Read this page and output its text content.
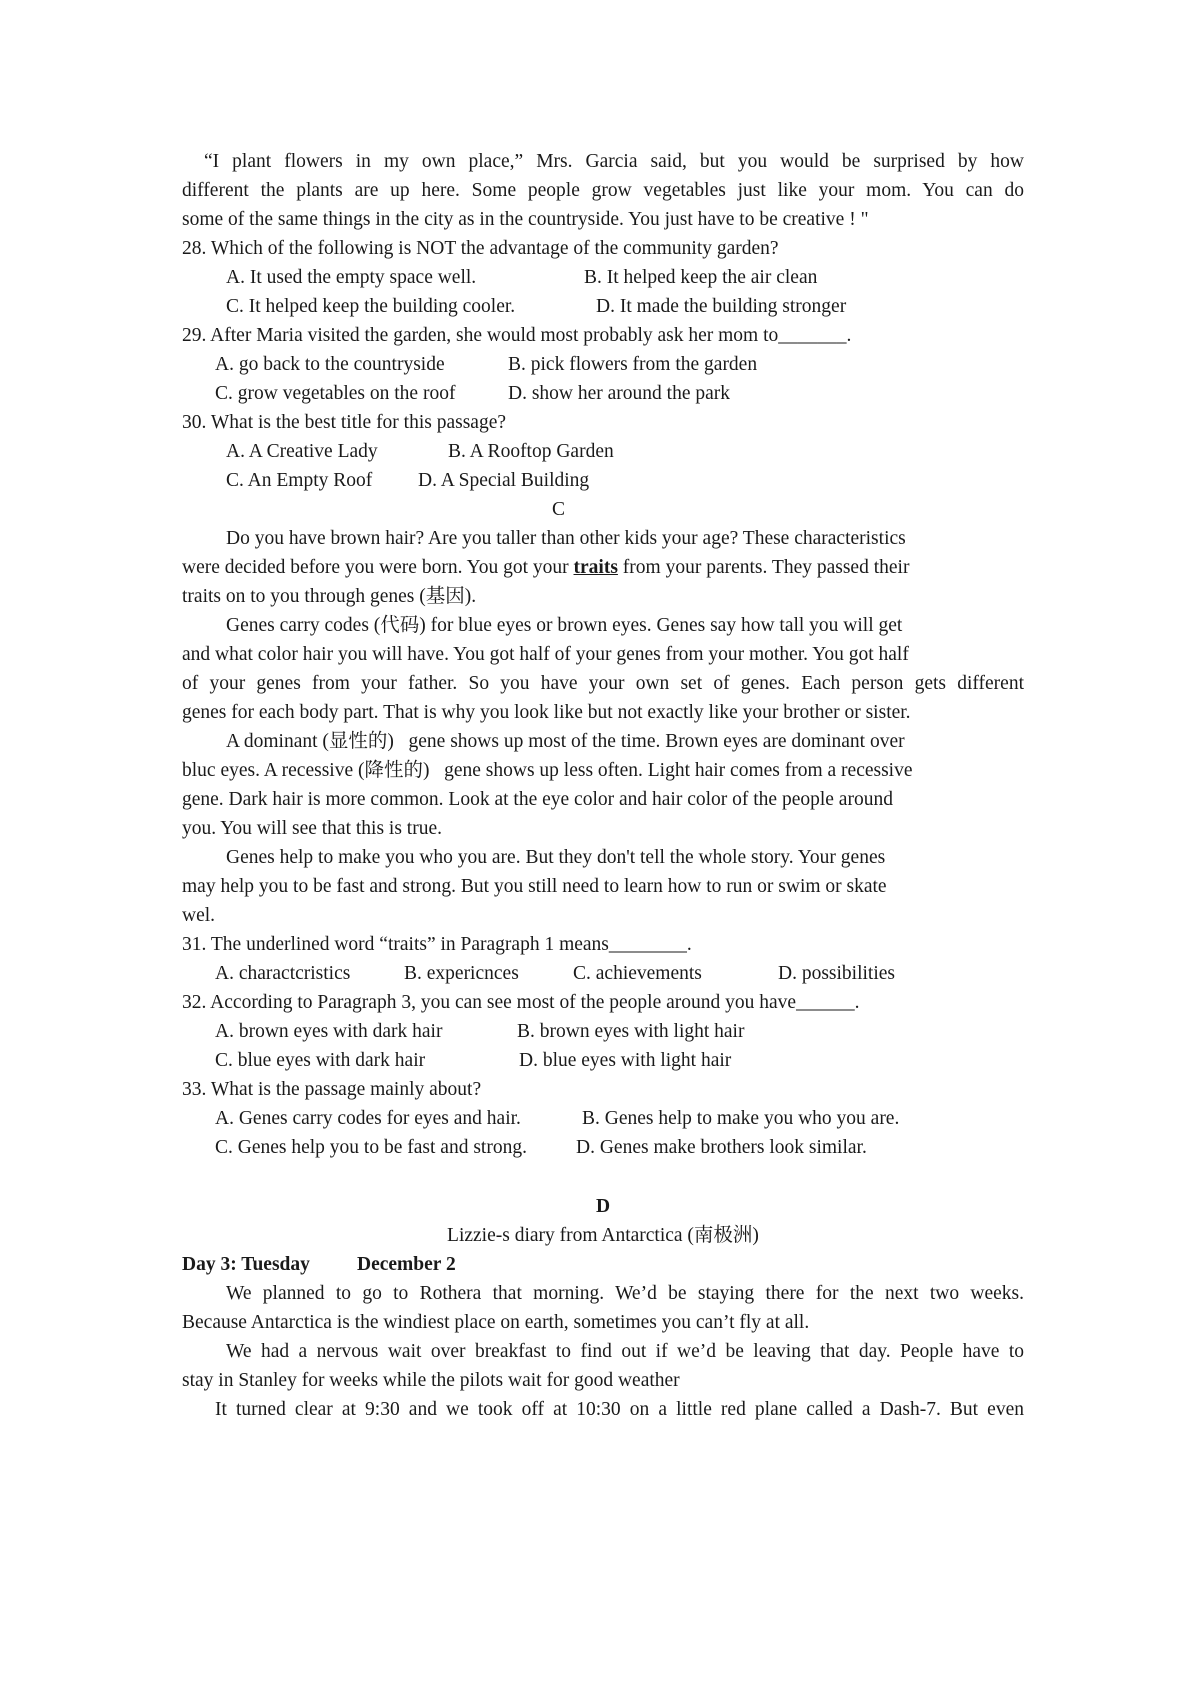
“I plant flowers in my own place,” Mrs. Garcia said, but you would be surprised by how
different the plants are up here. Some people grow vegetables just like your mom. You can do
some of the same things in the city as in the countryside. You just have to be creative ! "
28. Which of the following is NOT the advantage of the community garden?
A. It used the empty space well.	B. It helped keep the air clean
C. It helped keep the building cooler.	D. It made the building stronger
29. After Maria visited the garden, she would most probably ask her mom to_______.
A. go back to the countryside	B. pick flowers from the garden
C. grow vegetables on the roof	D. show her around the park
30. What is the best title for this passage?
A. A Creative Lady	B. A Rooftop Garden
C. An Empty Roof D. A Special Building
C
Do you have brown hair? Are you taller than other kids your age? These characteristics
were decided before you were born. You got your traits from your parents. They passed their
traits on to you through genes (基因).
Genes carry codes (代码) for blue eyes or brown eyes. Genes say how tall you will get
and what color hair you will have. You got half of your genes from your mother. You got half
of your genes from your father. So you have your own set of genes. Each person gets different
genes for each body part. That is why you look like but not exactly like your brother or sister.
A dominant (显性的)  gene shows up most of the time. Brown eyes are dominant over
bluc eyes. A recessive (降性的)  gene shows up less often. Light hair comes from a recessive
gene. Dark hair is more common. Look at the eye color and hair color of the people around
you. You will see that this is true.
Genes help to make you who you are. But they don't tell the whole story. Your genes
may help you to be fast and strong. But you still need to learn how to run or swim or skate
wel.
31. The underlined word “traits” in Paragraph 1 means________.
A. charactcristics	B. expericnces	C. achievements	D. possibilities
32. According to Paragraph 3, you can see most of the people around you have______.
A. brown eyes with dark hair	B. brown eyes with light hair
C. blue eyes with dark hair	D. blue eyes with light hair
33. What is the passage mainly about?
A. Genes carry codes for eyes and hair.	B. Genes help to make you who you are.
C. Genes help you to be fast and strong.	D. Genes make brothers look similar.
D
Lizzie-s diary from Antarctica (南极洲)
Day 3: Tuesday December 2
We planned to go to Rothera that morning. We’d be staying there for the next two weeks.
Because Antarctica is the windiest place on earth, sometimes you can’t fly at all.
We had a nervous wait over breakfast to find out if we’d be leaving that day. People have to
stay in Stanley for weeks while the pilots wait for good weather
It turned clear at 9:30 and we took off at 10:30 on a little red plane called a Dash-7. But even
